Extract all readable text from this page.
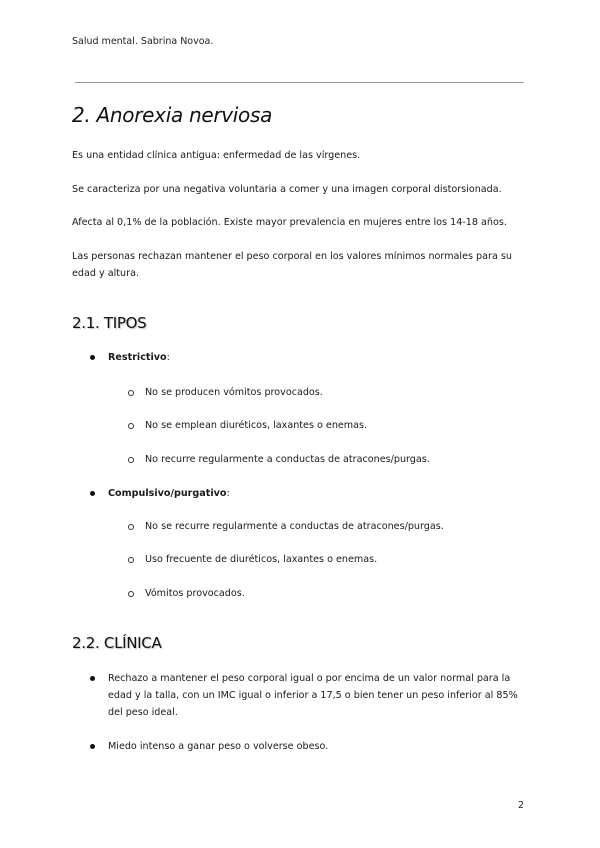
Salud mental. Sabrina Novoa.
2. Anorexia nerviosa

Es una entidad clínica antigua: enfermedad de las vírgenes.

Se caracteriza por una negativa voluntaria a comer y una imagen corporal distorsionada.

Afecta al 0,1% de la población. Existe mayor prevalencia en mujeres entre los 14-18 años.

Las personas rechazan mantener el peso corporal en los valores mínimos normales para su edad y altura.

2.1. TIPOS
Restrictivo:
No se producen vómitos provocados.
No se emplean diuréticos, laxantes o enemas.
No recurre regularmente a conductas de atracones/purgas.
Compulsivo/purgativo:
No se recurre regularmente a conductas de atracones/purgas.
Uso frecuente de diuréticos, laxantes o enemas.
Vómitos provocados.
2.2. CLÍNICA
Rechazo a mantener el peso corporal igual o por encima de un valor normal para la edad y la talla, con un IMC igual o inferior a 17,5 o bien tener un peso inferior al 85% del peso ideal.
Miedo intenso a ganar peso o volverse obeso.
2
